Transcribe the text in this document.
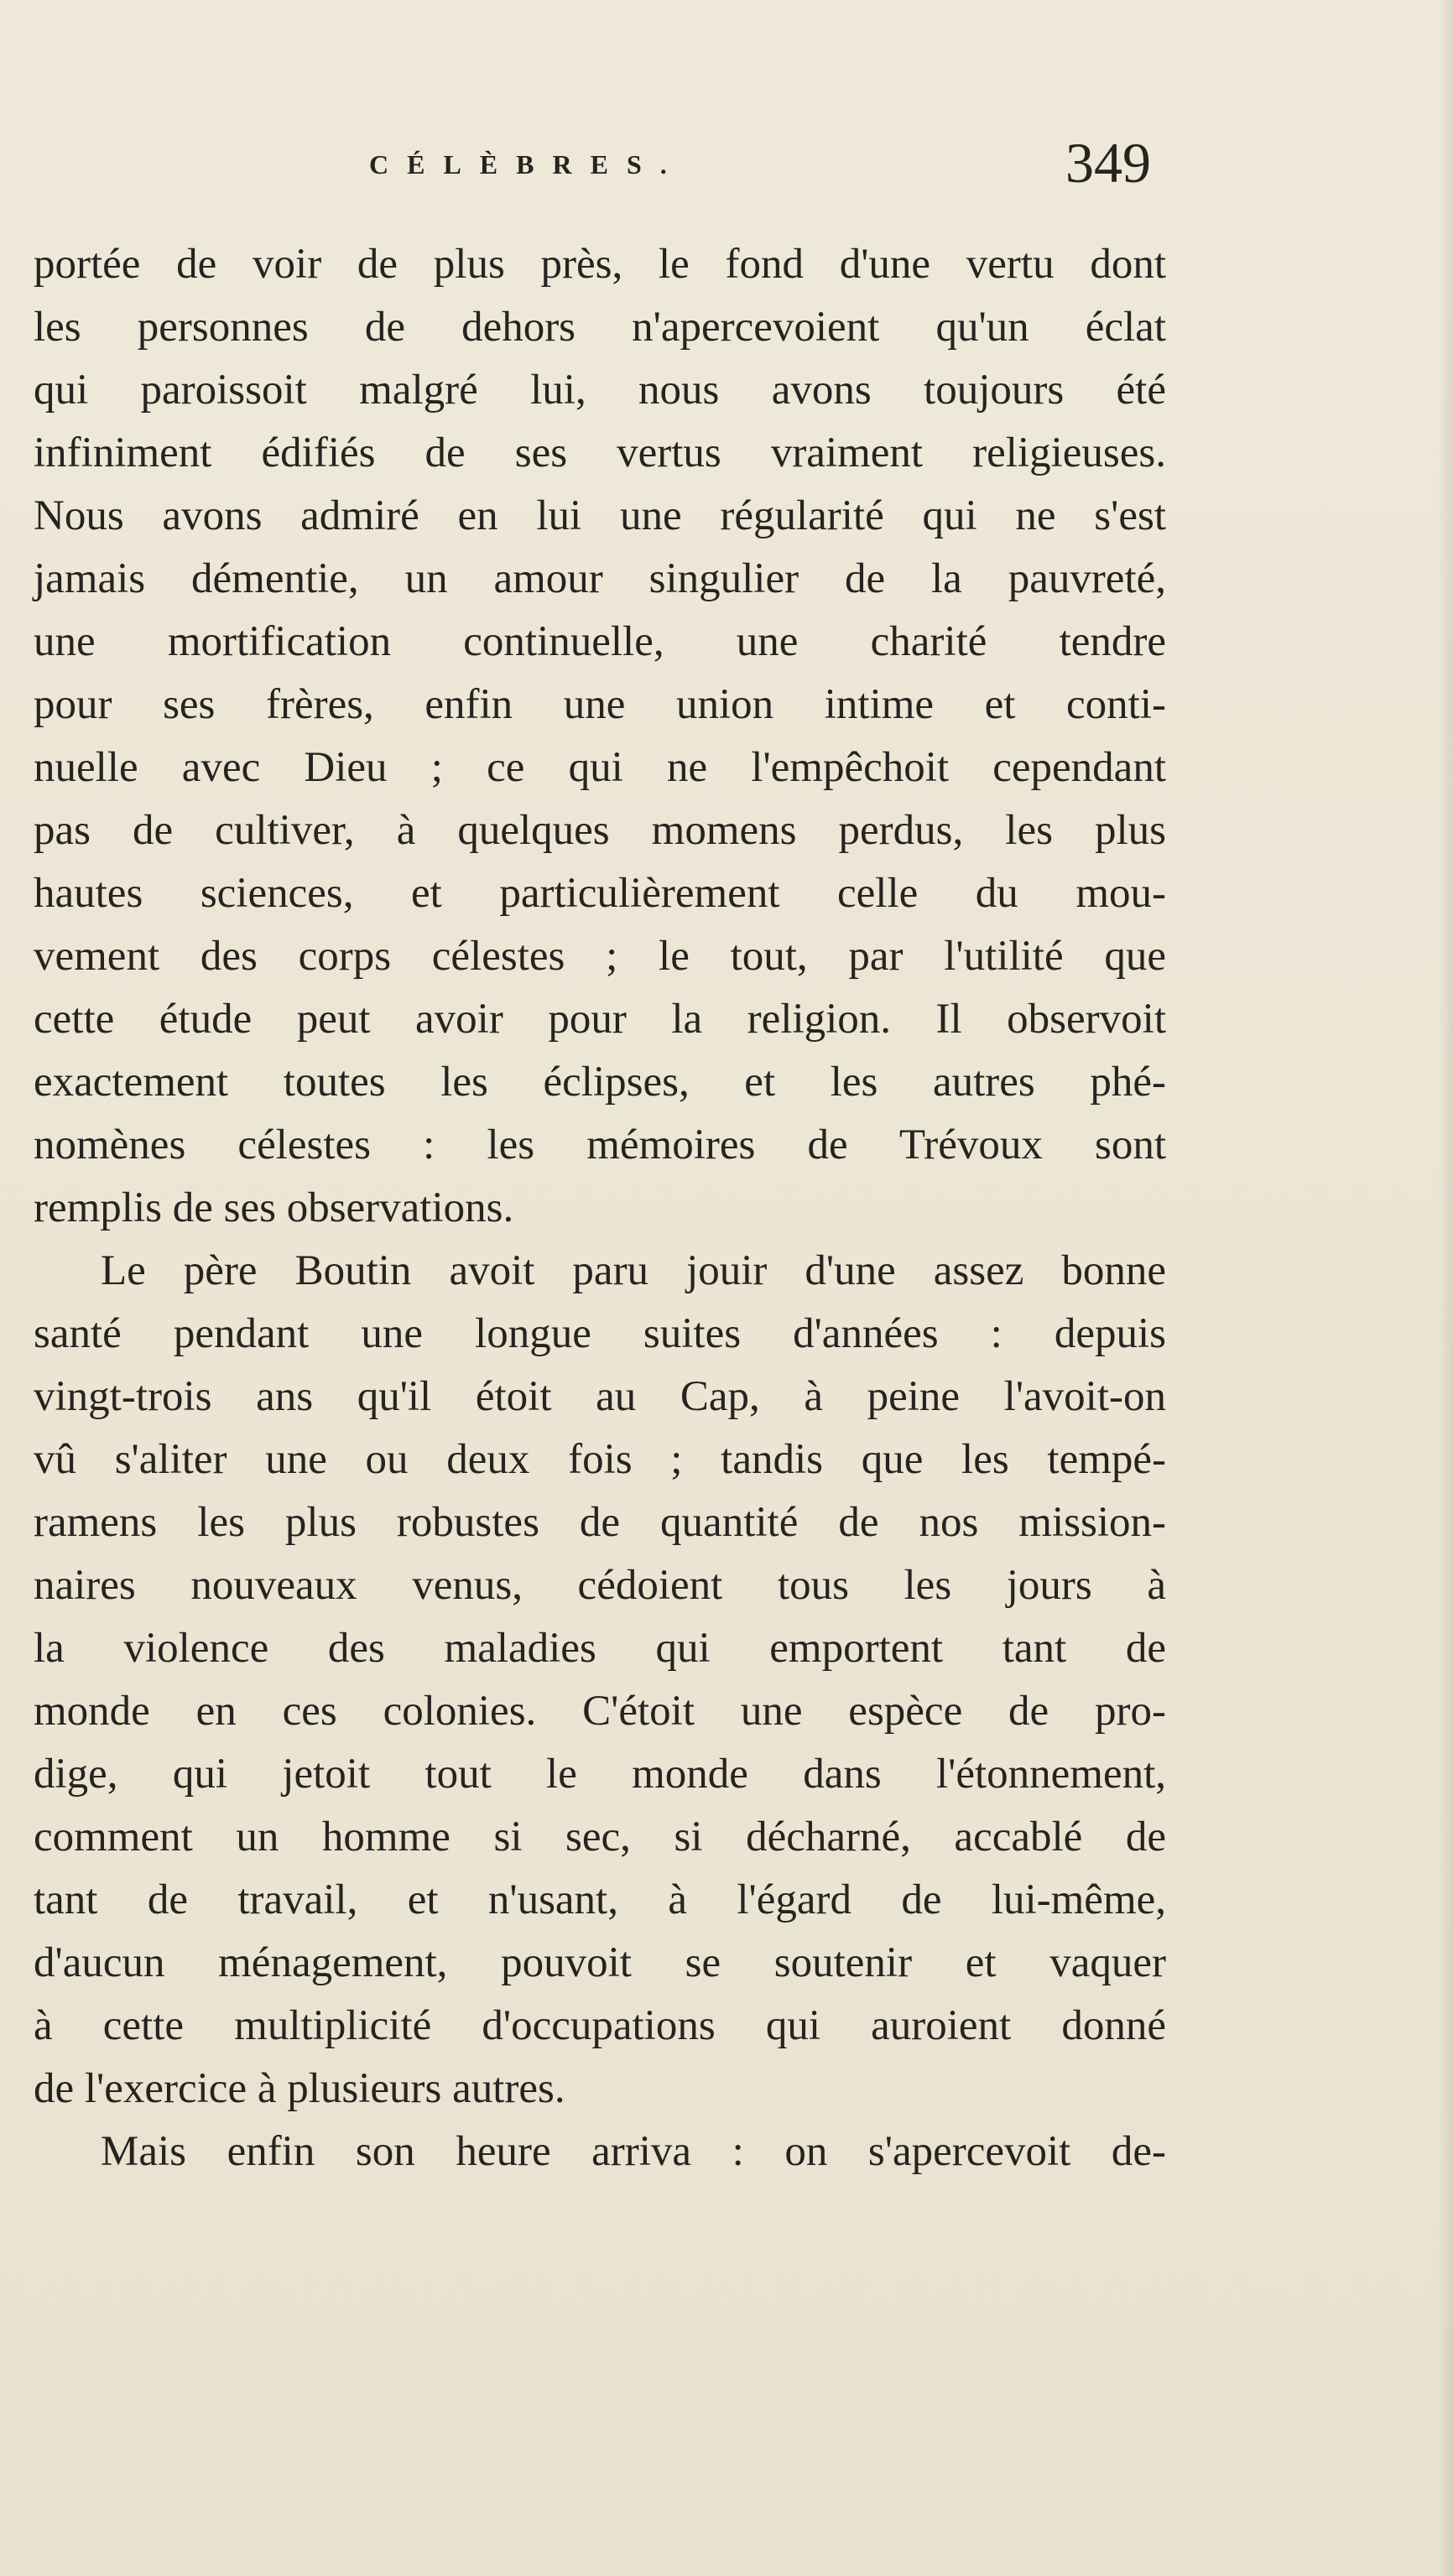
CÉLÈBRES.	349
portée de voir de plus près, le fond d'une vertu dont
les personnes de dehors n'apercevoient qu'un éclat
qui paroissoit malgré lui, nous avons toujours été
infiniment édifiés de ses vertus vraiment religieuses.
Nous avons admiré en lui une régularité qui ne s'est
jamais démentie, un amour singulier de la pauvreté,
une mortification continuelle, une charité tendre
pour ses frères, enfin une union intime et conti-
nuelle avec Dieu ; ce qui ne l'empêchoit cependant
pas de cultiver, à quelques momens perdus, les plus
hautes sciences, et particulièrement celle du mou-
vement des corps célestes ; le tout, par l'utilité que
cette étude peut avoir pour la religion. Il observoit
exactement toutes les éclipses, et les autres phé-
nomènes célestes : les mémoires de Trévoux sont
remplis de ses observations.
Le père Boutin avoit paru jouir d'une assez bonne
santé pendant une longue suites d'années : depuis
vingt-trois ans qu'il étoit au Cap, à peine l'avoit-on
vû s'aliter une ou deux fois ; tandis que les tempé-
ramens les plus robustes de quantité de nos mission-
naires nouveaux venus, cédoient tous les jours à
la violence des maladies qui emportent tant de
monde en ces colonies. C'étoit une espèce de pro-
dige, qui jetoit tout le monde dans l'étonnement,
comment un homme si sec, si décharné, accablé de
tant de travail, et n'usant, à l'égard de lui-même,
d'aucun ménagement, pouvoit se soutenir et vaquer
à cette multiplicité d'occupations qui auroient donné
de l'exercice à plusieurs autres.
Mais enfin son heure arriva : on s'apercevoit de-
